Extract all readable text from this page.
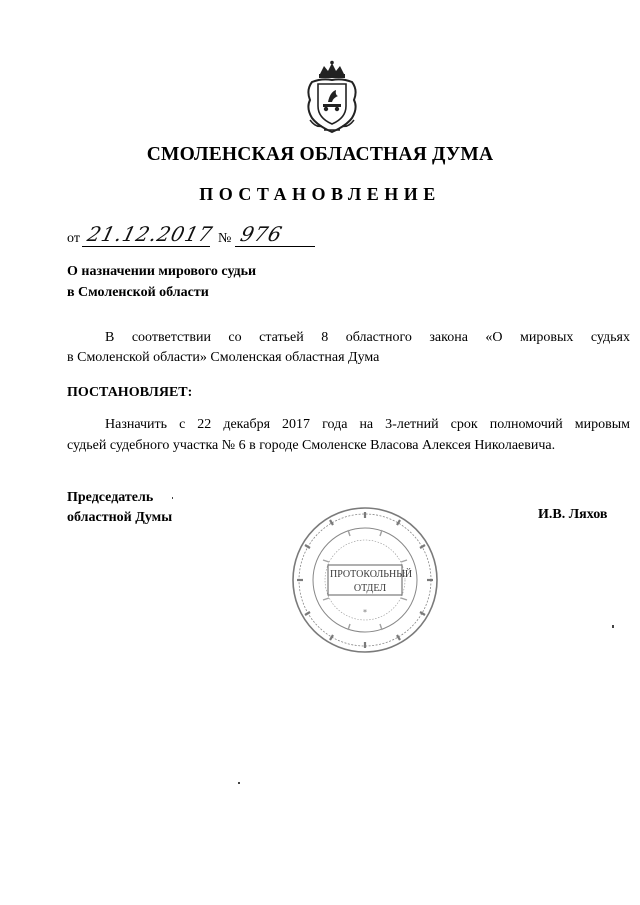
СМОЛЕНСКАЯ ОБЛАСТНАЯ ДУМА
ПОСТАНОВЛЕНИЕ
от 21.12.2017 № 976
О назначении мирового судьи
в Смоленской области
В соответствии со статьей 8 областного закона «О мировых судьях
в Смоленской области» Смоленская областная Дума
ПОСТАНОВЛЯЕТ:
Назначить с 22 декабря 2017 года на 3-летний срок полномочий мировым
судьей судебного участка № 6 в городе Смоленске Власова Алексея Николаевича.
Председатель
областной Думы	И.В. Ляхов
*
ПРОТОКОЛЬНЫЙ
ОТДЕЛ
